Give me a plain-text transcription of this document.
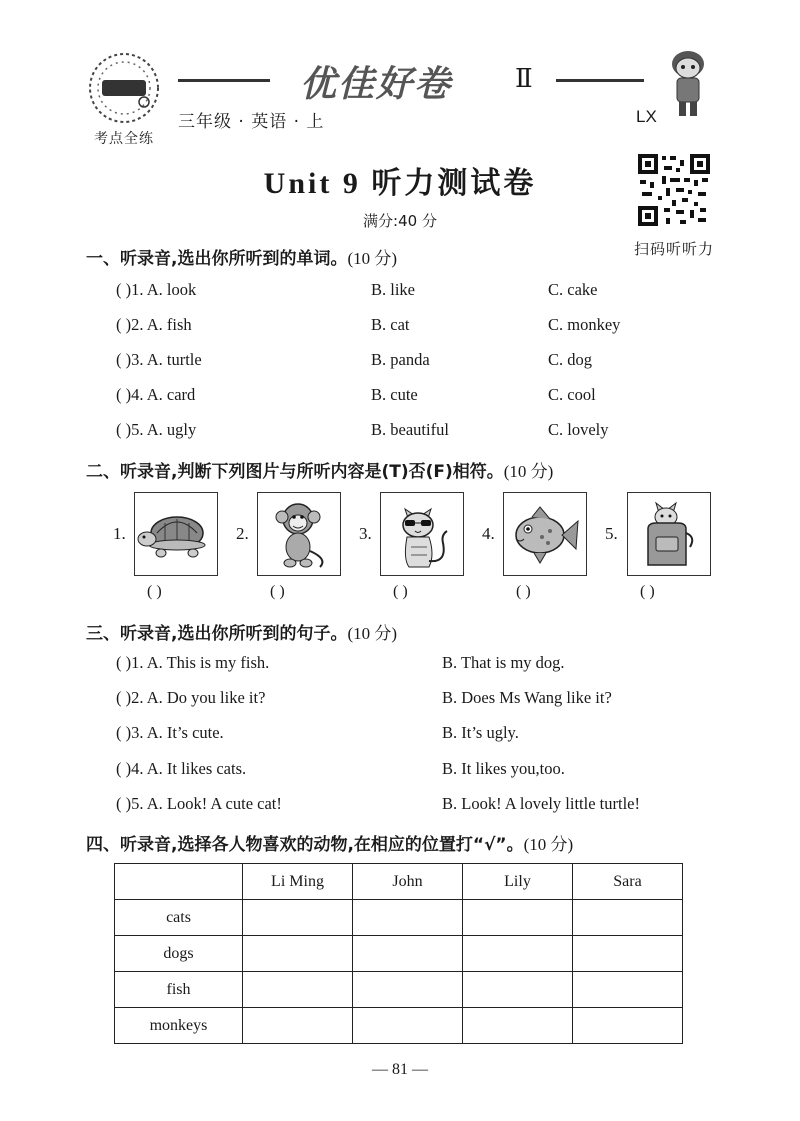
考点全练
优佳好卷 Ⅱ
三年级 · 英语 · 上	LX
Unit 9 听力测试卷
满分:40 分
扫码听听力
一、听录音,选出你所听到的单词。(10 分)
( )1. A. look	B. like	C. cake
( )2. A. fish	B. cat	C. monkey
( )3. A. turtle	B. panda	C. dog
( )4. A. card	B. cute	C. cool
( )5. A. ugly	B. beautiful	C. lovely
二、听录音,判断下列图片与所听内容是(T)否(F)相符。(10 分)
1.
( )
2.
( )
3.
( )
4.
( )
5.
( )
三、听录音,选出你所听到的句子。(10 分)
( )1. A. This is my fish.	B. That is my dog.
( )2. A. Do you like it?	B. Does Ms Wang like it?
( )3. A. It’s cute.	B. It’s ugly.
( )4. A. It likes cats.	B. It likes you,too.
( )5. A. Look! A cute cat!	B. Look! A lovely little turtle!
四、听录音,选择各人物喜欢的动物,在相应的位置打“√”。(10 分)
	Li Ming	John	Lily	Sara
cats				
dogs				
fish				
monkeys				
— 81 —
